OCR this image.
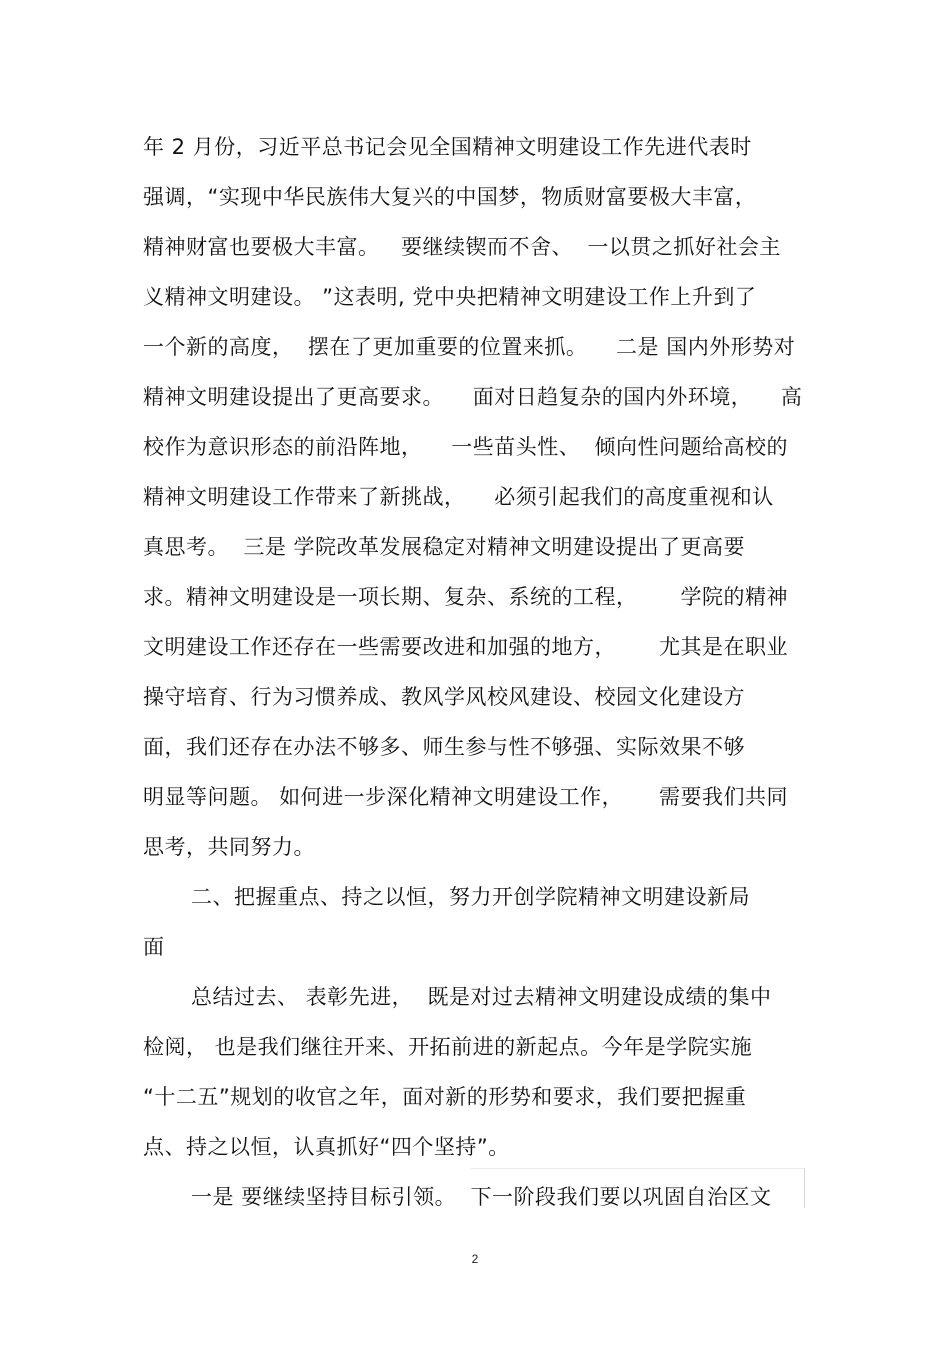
年 2 月份，习近平总书记会见全国精神文明建设工作先进代表时
强调，“实现中华民族伟大复兴的中国梦，物质财富要极大丰富，
精神财富也要极大丰富。   要继续锲而不舍、  一以贯之抓好社会主
义精神文明建设。 ”这表明, 党中央把精神文明建设工作上升到了
一个新的高度，  摆在了更加重要的位置来抓。    二是 国内外形势对
精神文明建设提出了更高要求。    面对日趋复杂的国内外环境，    高
校作为意识形态的前沿阵地，    一些苗头性、  倾向性问题给高校的
精神文明建设工作带来了新挑战，    必须引起我们的高度重视和认
真思考。  三是 学院改革发展稳定对精神文明建设提出了更高要
求。精神文明建设是一项长期、复杂、系统的工程，      学院的精神
文明建设工作还存在一些需要改进和加强的地方，      尤其是在职业
操守培育、行为习惯养成、教风学风校风建设、校园文化建设方
面，我们还存在办法不够多、师生参与性不够强、实际效果不够
明显等问题。 如何进一步深化精神文明建设工作，     需要我们共同
思考，共同努力。
二、把握重点、持之以恒，努力开创学院精神文明建设新局
面
总结过去、 表彰先进，  既是对过去精神文明建设成绩的集中
检阅， 也是我们继往开来、开拓前进的新起点。今年是学院实施
“十二五”规划的收官之年，面对新的形势和要求，我们要把握重
点、持之以恒，认真抓好“四个坚持”。
一是 要继续坚持目标引领。  下一阶段我们要以巩固自治区文
2
